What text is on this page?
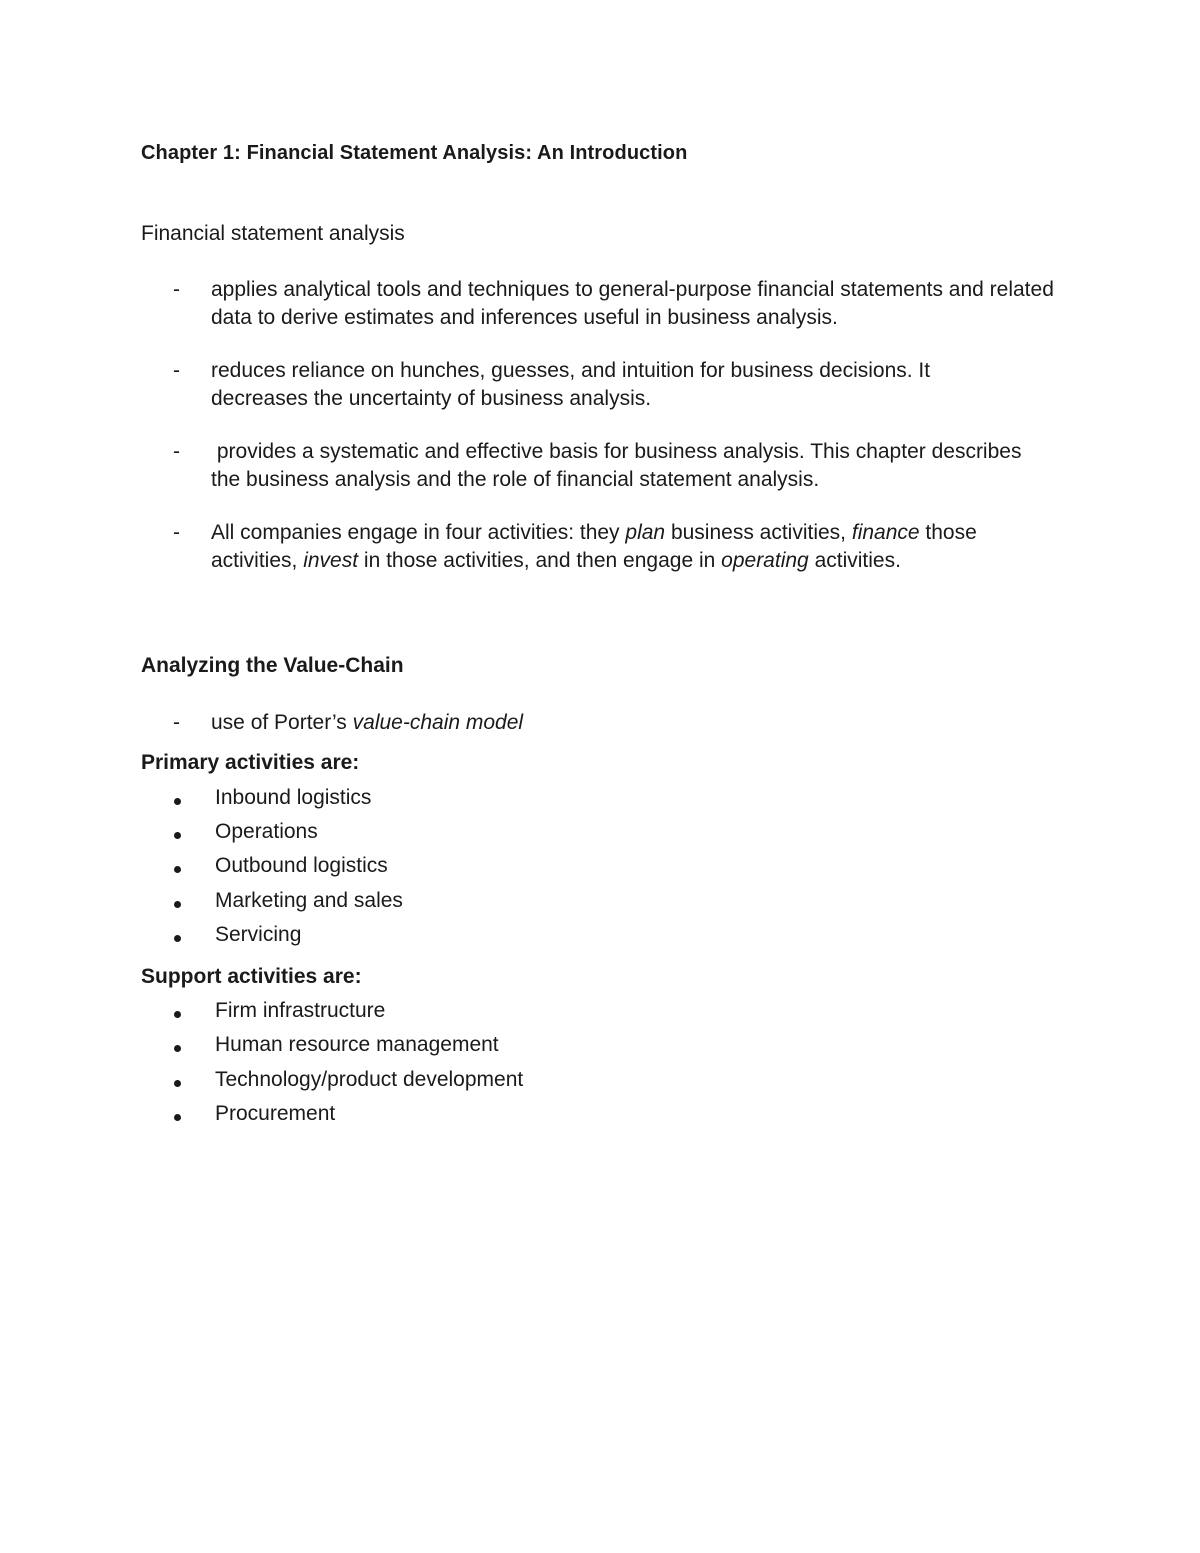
Chapter 1: Financial Statement Analysis: An Introduction
Financial statement analysis
- applies analytical tools and techniques to general-purpose financial statements and related data to derive estimates and inferences useful in business analysis.
- reduces reliance on hunches, guesses, and intuition for business decisions. It decreases the uncertainty of business analysis.
- provides a systematic and effective basis for business analysis. This chapter describes the business analysis and the role of financial statement analysis.
- All companies engage in four activities: they plan business activities, finance those activities, invest in those activities, and then engage in operating activities.
Analyzing the Value-Chain
- use of Porter’s value-chain model
Primary activities are:
Inbound logistics
Operations
Outbound logistics
Marketing and sales
Servicing
Support activities are:
Firm infrastructure
Human resource management
Technology/product development
Procurement
